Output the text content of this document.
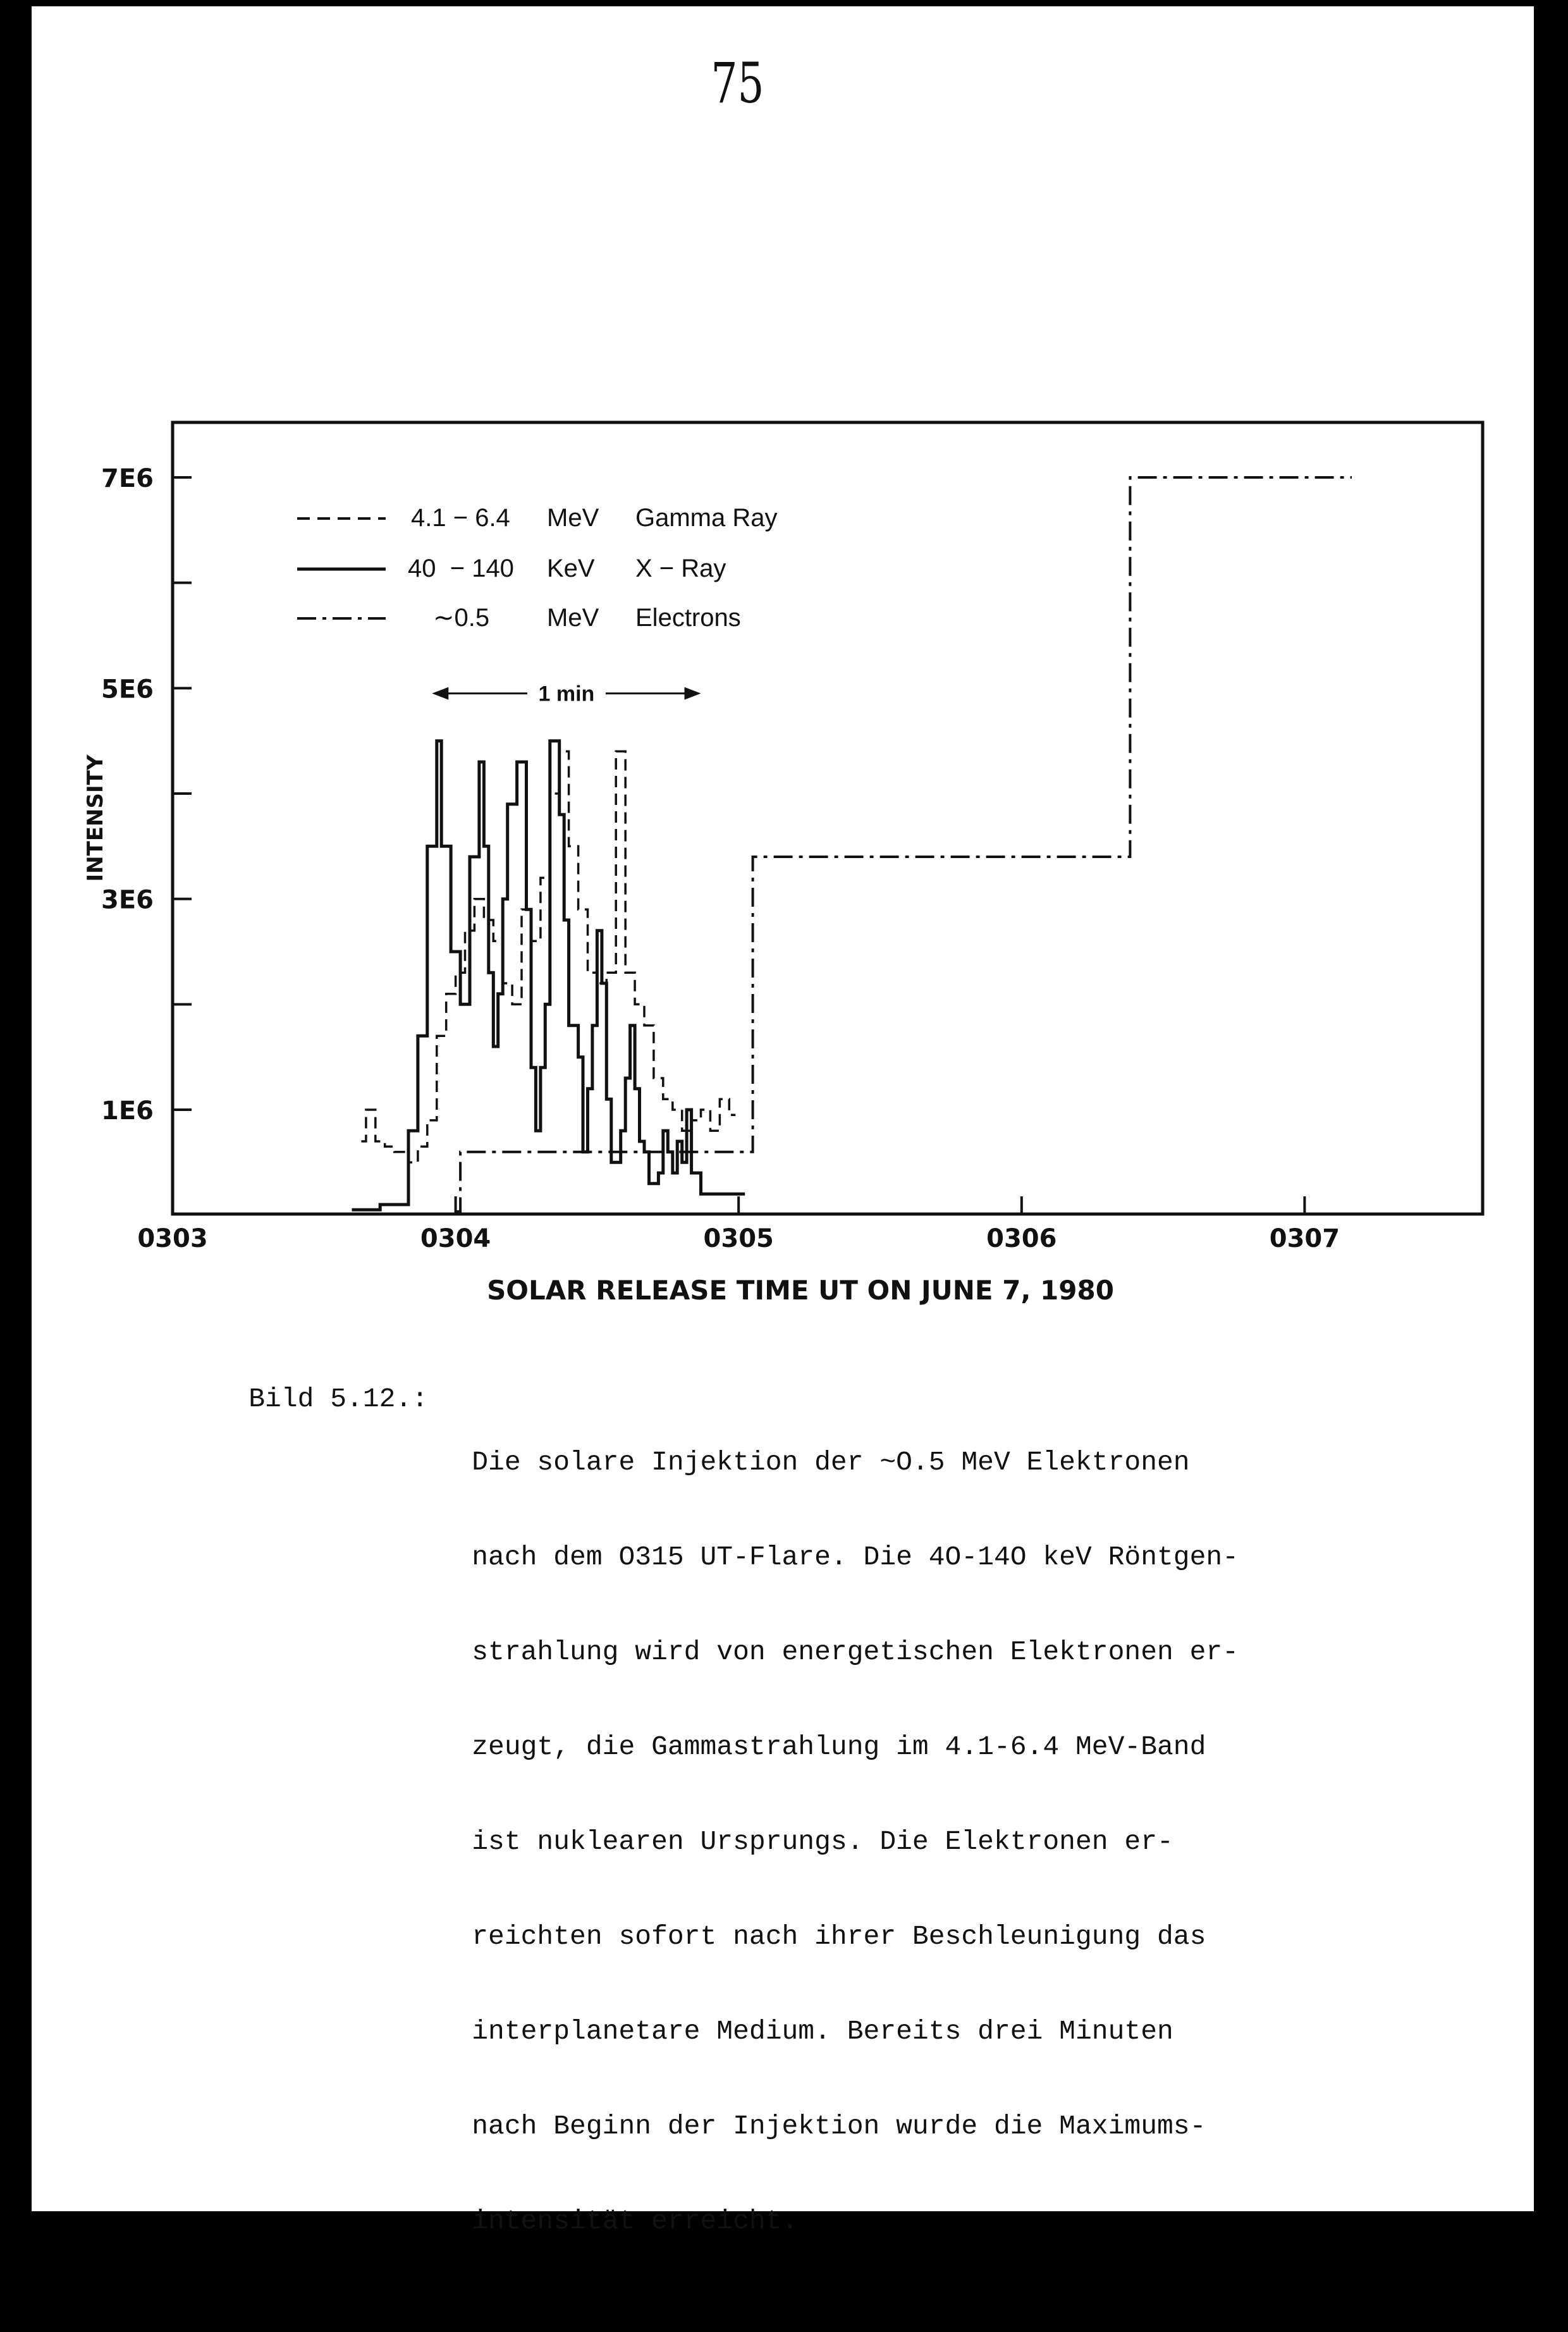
75
1E6
3E6
5E6
7E6
0303	0304	0305	0306	0307
4.1 − 6.4 MeV Gamma Ray
40  − 140 KeV X − Ray
∼0.5 MeV Electrons
1 min
SOLAR RELEASE TIME UT ON JUNE 7, 1980
INTENSITY

Bild 5.12.:

Die solare Injektion der ~O.5 MeV Elektronen

nach dem O315 UT-Flare. Die 4O-14O keV Röntgen-

strahlung wird von energetischen Elektronen er-

zeugt, die Gammastrahlung im 4.1-6.4 MeV-Band

ist nuklearen Ursprungs. Die Elektronen er-

reichten sofort nach ihrer Beschleunigung das

interplanetare Medium. Bereits drei Minuten

nach Beginn der Injektion wurde die Maximums-

intensität erreicht.
